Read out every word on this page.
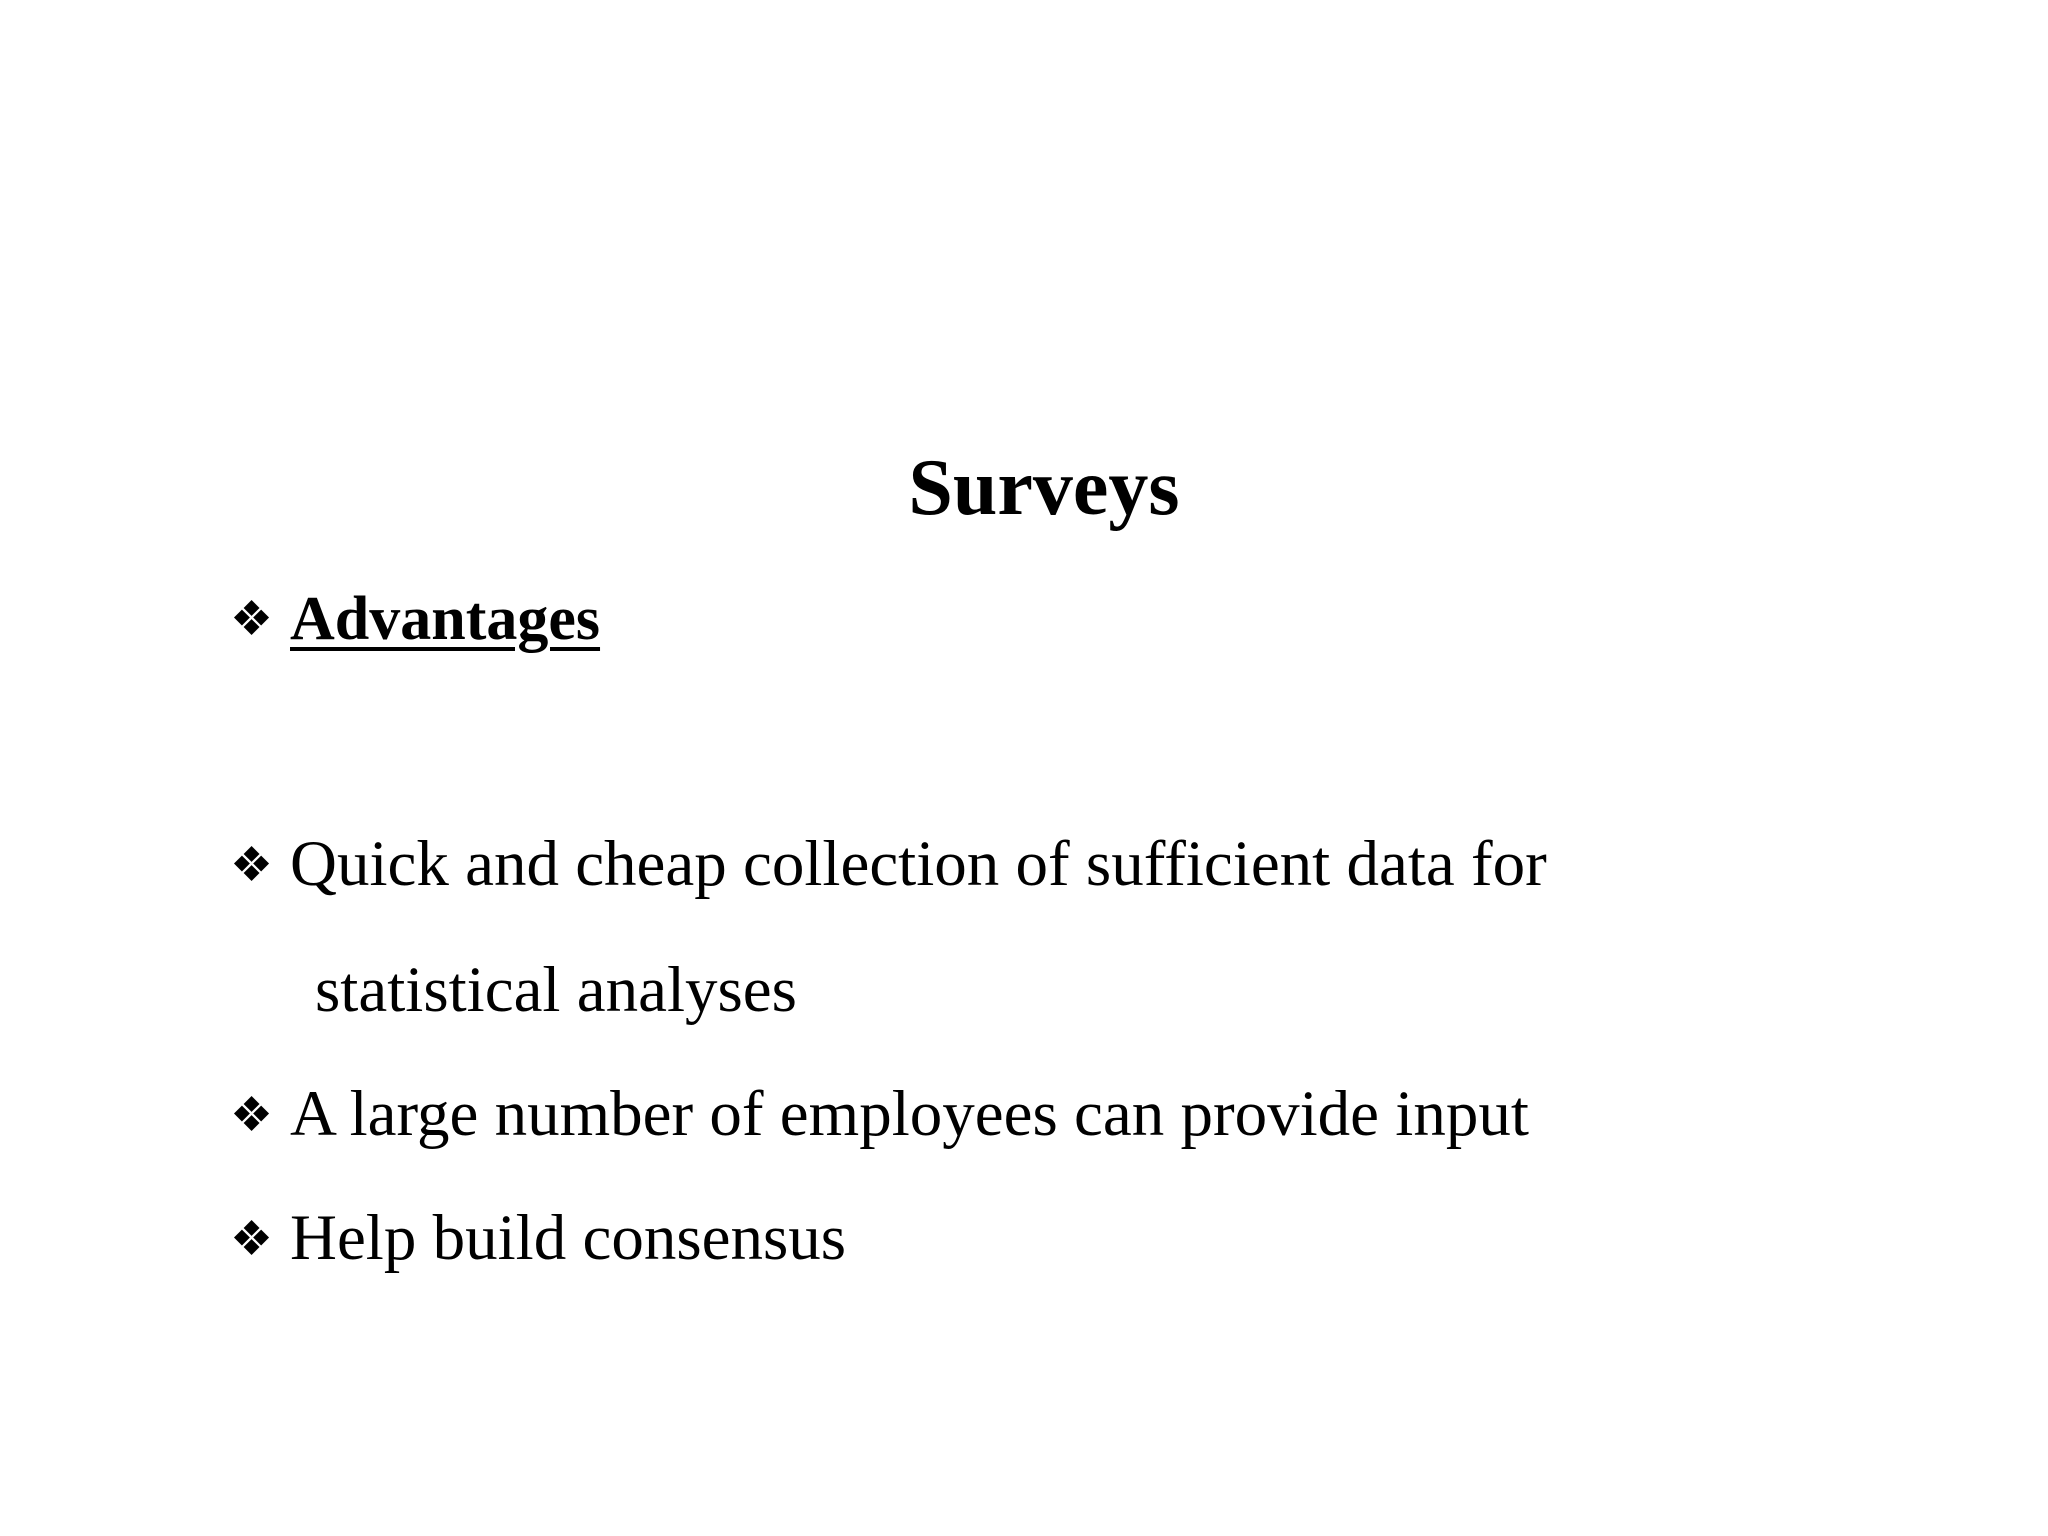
Surveys
❖ Advantages
❖ Quick and cheap collection of sufficient data for
statistical analyses
❖ A large number of employees can provide input
❖ Help build consensus
